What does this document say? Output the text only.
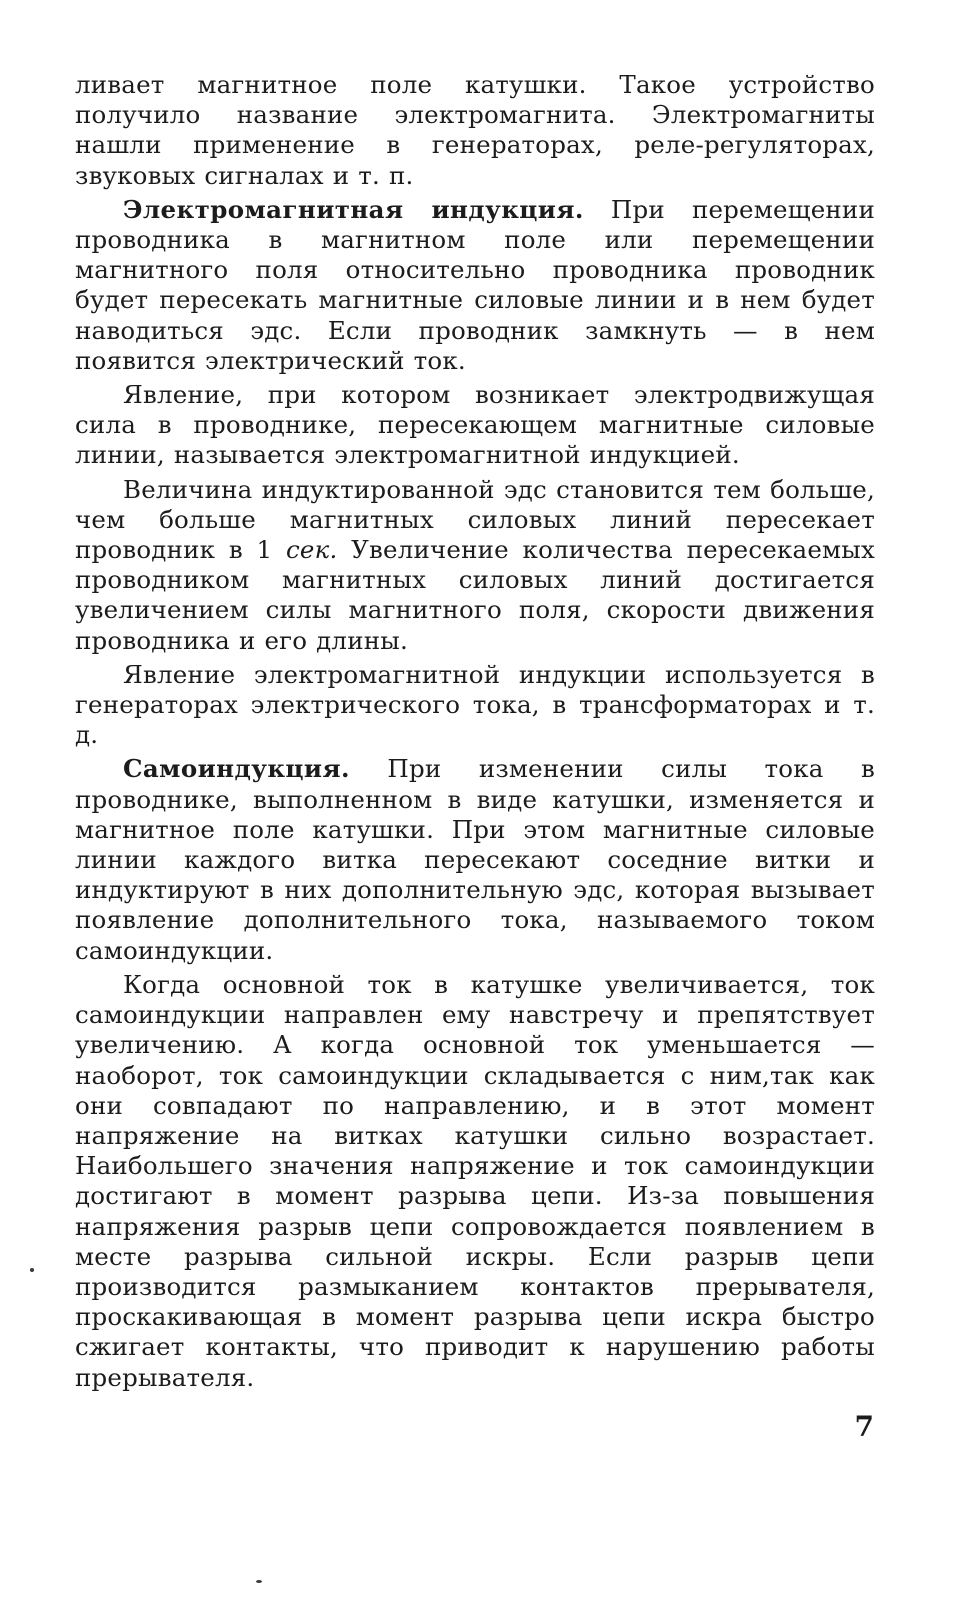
ливает магнитное поле катушки. Такое устройство получило название электромагнита. Электромагниты нашли применение в генераторах, реле-регуляторах, звуковых сигналах и т. п.

Электромагнитная индукция. При перемещении проводника в магнитном поле или перемещении магнитного поля относительно проводника проводник будет пересекать магнитные силовые линии и в нем будет наводиться эдс. Если проводник замкнуть — в нем появится электрический ток.

Явление, при котором возникает электродвижущая сила в проводнике, пересекающем магнитные силовые линии, называется электромагнитной индукцией.

Величина индуктированной эдс становится тем больше, чем больше магнитных силовых линий пересекает проводник в 1 сек. Увеличение количества пересекаемых проводником магнитных силовых линий достигается увеличением силы магнитного поля, скорости движения проводника и его длины.

Явление электромагнитной индукции используется в генераторах электрического тока, в трансформаторах и т. д.

Самоиндукция. При изменении силы тока в проводнике, выполненном в виде катушки, изменяется и магнитное поле катушки. При этом магнитные силовые линии каждого витка пересекают соседние витки и индуктируют в них дополнительную эдс, которая вызывает появление дополнительного тока, называемого током самоиндукции.

Когда основной ток в катушке увеличивается, ток самоиндукции направлен ему навстречу и препятствует увеличению. А когда основной ток уменьшается — наоборот, ток самоиндукции складывается с ним,так как они совпадают по направлению, и в этот момент напряжение на витках катушки сильно возрастает. Наибольшего значения напряжение и ток самоиндукции достигают в момент разрыва цепи. Из-за повышения напряжения разрыв цепи сопровождается появлением в месте разрыва сильной искры. Если разрыв цепи производится размыканием контактов прерывателя, проскакивающая в момент разрыва цепи искра быстро сжигает контакты, что приводит к нарушению работы прерывателя.

7
